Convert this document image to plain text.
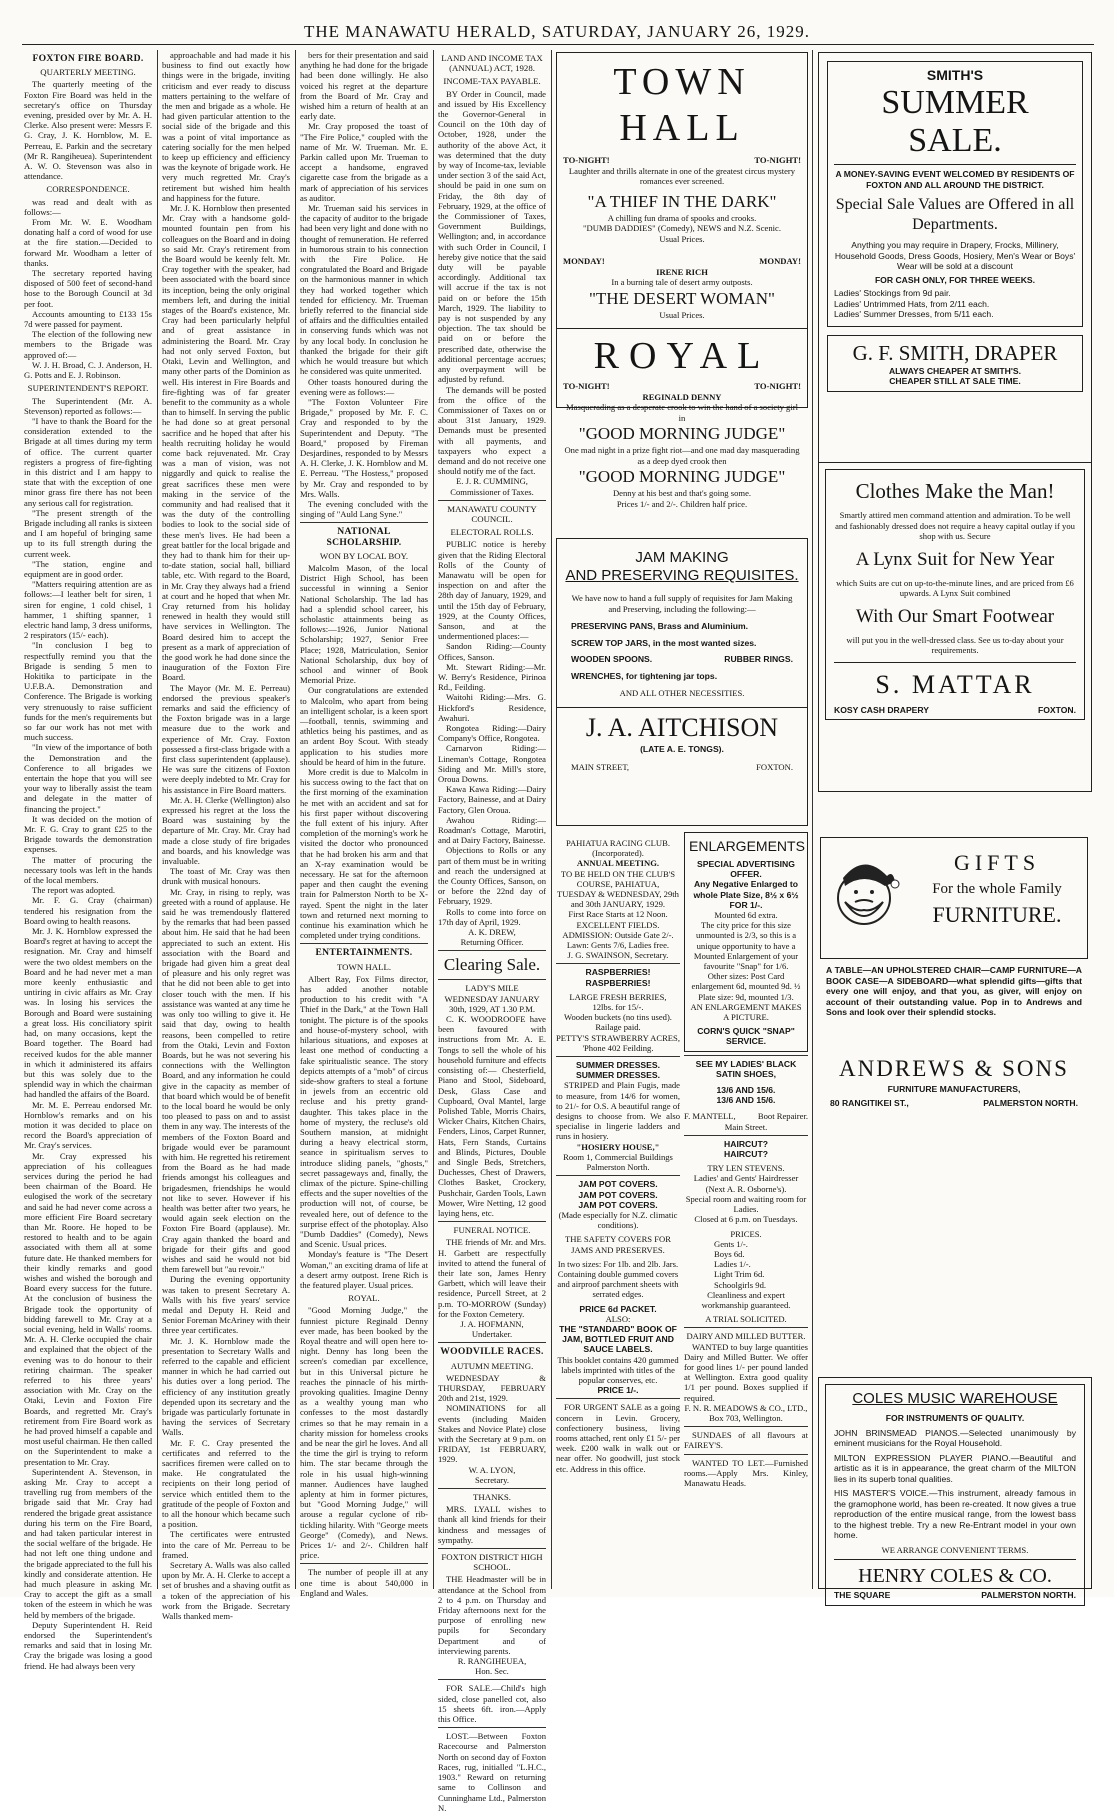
THE MANAWATU HERALD, SATURDAY, JANUARY 26, 1929.
FOXTON FIRE BOARD.
QUARTERLY MEETING.

The quarterly meeting of the Foxton Fire Board was held in the secretary's office on Thursday evening, presided over by Mr. A. H. Clerke. Also present were: Messrs F. G. Cray, J. K. Hornblow, M. E. Perreau, E. Parkin and the secretary (Mr R. Rangiheuea). Superintendent A. W. O. Stevenson was also in attendance.

CORRESPONDENCE.

was read and dealt with as follows:—

From Mr. W. E. Woodham donating half a cord of wood for use at the fire station.—Decided to forward Mr. Woodham a letter of thanks.

The secretary reported having disposed of 500 feet of second-hand hose to the Borough Council at 3d per foot.

Accounts amounting to £133 15s 7d were passed for payment.

The election of the following new members to the Brigade was approved of:—

W. J. H. Broad, C. J. Anderson, H. G. Potts and E. J. Robinson.

SUPERINTENDENT'S REPORT.

The Superintendent (Mr. A. Stevenson) reported as follows:—

"I have to thank the Board for the consideration extended to the Brigade at all times during my term of office. The current quarter registers a progress of fire-fighting in this district and I am happy to state that with the exception of one minor grass fire there has not been any serious call for registration.

"The present strength of the Brigade including all ranks is sixteen and I am hopeful of bringing same up to its full strength during the current week.

"The station, engine and equipment are in good order.

"Matters requiring attention are as follows:—I leather belt for siren, 1 siren for engine, 1 cold chisel, 1 hammer, 1 shifting spanner, 1 electric hand lamp, 3 dress uniforms, 2 respirators (15/- each).

"In conclusion I beg to respectfully remind you that the Brigade is sending 5 men to Hokitika to participate in the U.F.B.A. Demonstration and Conference. The Brigade is working very strenuously to raise sufficient funds for the men's requirements but so far our work has not met with much success.

"In view of the importance of both the Demonstration and the Conference to all brigades we entertain the hope that you will see your way to liberally assist the team and delegate in the matter of financing the project."

It was decided on the motion of Mr. F. G. Cray to grant £25 to the Brigade towards the demonstration expenses.

The matter of procuring the necessary tools was left in the hands of the local members.

The report was adopted.

Mr. F. G. Cray (chairman) tendered his resignation from the Board owing to health reasons.

Mr. J. K. Hornblow expressed the Board's regret at having to accept the resignation. Mr. Cray and himself were the two oldest members on the Board and he had never met a man more keenly enthusiastic and untiring in civic affairs as Mr. Cray was. In losing his services the Borough and Board were sustaining a great loss. His conciliatory spirit had, on many occasions, kept the Board together. The Board had received kudos for the able manner in which it administered its affairs but this was solely due to the splendid way in which the chairman had handled the affairs of the Board.

Mr. M. E. Perreau endorsed Mr. Hornblow's remarks and on his motion it was decided to place on record the Board's appreciation of Mr. Cray's services.

Mr. Cray expressed his appreciation of his colleagues services during the period he had been chairman of the Board. He eulogised the work of the secretary and said he had never come across a more efficient Fire Board secretary than Mr. Roore. He hoped to be restored to health and to be again associated with them all at some future date. He thanked members for their kindly remarks and good wishes and wished the borough and Board every success for the future. At the conclusion of business the Brigade took the opportunity of bidding farewell to Mr. Cray at a social evening, held in Walls' rooms. Mr. A. H. Clerke occupied the chair and explained that the object of the evening was to do honour to their retiring chairman. The speaker referred to his three years' association with Mr. Cray on the Otaki, Levin and Foxton Fire Boards, and regretted Mr. Cray's retirement from Fire Board work as he had proved himself a capable and most useful chairman. He then called on the Superintendent to make a presentation to Mr. Cray.

Superintendent A. Stevenson, in asking Mr. Cray to accept a travelling rug from members of the brigade said that Mr. Cray had rendered the brigade great assistance during his term on the Fire Board, and had taken particular interest in the social welfare of the brigade. He had not left one thing undone and the brigade appreciated to the full his kindly and considerate attention. He had much pleasure in asking Mr. Cray to accept the gift as a small token of the esteem in which he was held by members of the brigade.

Deputy Superintendent H. Reid endorsed the Superintendent's remarks and said that in losing Mr. Cray the brigade was losing a good friend. He had always been very

approachable and had made it his business to find out exactly how things were in the brigade, inviting criticism and ever ready to discuss matters pertaining to the welfare of the men and brigade as a whole. He had given particular attention to the social side of the brigade and this was a point of vital importance as catering socially for the men helped to keep up efficiency and efficiency was the keynote of brigade work. He very much regretted Mr. Cray's retirement but wished him health and happiness for the future.

Mr. J. K. Hornblow then presented Mr. Cray with a handsome gold-mounted fountain pen from his colleagues on the Board and in doing so said Mr. Cray's retirement from the Board would be keenly felt. Mr. Cray together with the speaker, had been associated with the board since its inception, being the only original members left, and during the initial stages of the Board's existence, Mr. Cray had been particularly helpful and of great assistance in administering the Board. Mr. Cray had not only served Foxton, but Otaki, Levin and Wellington, and many other parts of the Dominion as well. His interest in Fire Boards and fire-fighting was of far greater benefit to the community as a whole than to himself. In serving the public he had done so at great personal sacrifice and he hoped that after his health recruiting holiday he would come back rejuvenated. Mr. Cray was a man of vision, was not niggardly and quick to realise the great sacrifices these men were making in the service of the community and had realised that it was the duty of the controlling bodies to look to the social side of these men's lives. He had been a great battler for the local brigade and they had to thank him for their up-to-date station, social hall, billiard table, etc. With regard to the Board, in Mr. Cray they always had a friend at court and he hoped that when Mr. Cray returned from his holiday renewed in health they would still have services in Wellington. The Board desired him to accept the present as a mark of appreciation of the good work he had done since the inauguration of the Foxton Fire Board.

The Mayor (Mr. M. E. Perreau) endorsed the previous speaker's remarks and said the efficiency of the Foxton brigade was in a large measure due to the work and experience of Mr. Cray. Foxton possessed a first-class brigade with a first class superintendent (applause). He was sure the citizens of Foxton were deeply indebted to Mr. Cray for his assistance in Fire Board matters.

Mr. A. H. Clerke (Wellington) also expressed his regret at the loss the Board was sustaining by the departure of Mr. Cray. Mr. Cray had made a close study of fire brigades and boards, and his knowledge was invaluable.

The toast of Mr. Cray was then drunk with musical honours.

Mr. Cray, in rising to reply, was greeted with a round of applause. He said he was tremendously flattered by the remarks that had been passed about him. He said that he had been appreciated to such an extent. His association with the Board and brigade had given him a great deal of pleasure and his only regret was that he did not been able to get into closer touch with the men. If his assistance was wanted at any time he was only too willing to give it. He said that day, owing to health reasons, been compelled to retire from the Otaki, Levin and Foxton Boards, but he was not severing his connections with the Wellington Board, and any information he could give in the capacity as member of that board which would be of benefit to the local board he would be only too pleased to pass on and to assist them in any way. The interests of the members of the Foxton Board and brigade would ever be paramount with him. He regretted his retirement from the Board as he had made friends amongst his colleagues and brigadesmen, friendships he would not like to sever. However if his health was better after two years, he would again seek election on the Foxton Fire Board (applause). Mr. Cray again thanked the board and brigade for their gifts and good wishes and said he would not bid them farewell but "au revoir."

During the evening opportunity was taken to present Secretary A. Walls with his five years' service medal and Deputy H. Reid and Senior Foreman McAriney with their three year certificates.

Mr. J. K. Hornblow made the presentation to Secretary Walls and referred to the capable and efficient manner in which he had carried out his duties over a long period. The efficiency of any institution greatly depended upon its secretary and the brigade was particularly fortunate in having the services of Secretary Walls.

Mr. F. C. Cray presented the certificates and referred to the sacrifices firemen were called on to make. He congratulated the recipients on their long period of service which entitled them to the gratitude of the people of Foxton and to all the honour which became such a position.

The certificates were entrusted into the care of Mr. Perreau to be framed.

Secretary A. Walls was also called upon by Mr. A. H. Clerke to accept a set of brushes and a shaving outfit as a token of the appreciation of his work from the Brigade. Secretary Walls thanked mem-

bers for their presentation and said anything he had done for the brigade had been done willingly. He also voiced his regret at the departure from the Board of Mr. Cray and wished him a return of health at an early date.

Mr. Cray proposed the toast of "The Fire Police," coupled with the name of Mr. W. Trueman. Mr. E. Parkin called upon Mr. Trueman to accept a handsome, engraved cigarette case from the brigade as a mark of appreciation of his services as auditor.

Mr. Trueman said his services in the capacity of auditor to the brigade had been very light and done with no thought of remuneration. He referred in humorous strain to his connection with the Fire Police. He congratulated the Board and Brigade on the harmonious manner in which they had worked together which tended for efficiency. Mr. Trueman briefly referred to the financial side of affairs and the difficulties entailed in conserving funds which was not by any local body. In conclusion he thanked the brigade for their gift which he would treasure but which he considered was quite unmerited.

Other toasts honoured during the evening were as follows:—

"The Foxton Volunteer Fire Brigade," proposed by Mr. F. C. Cray and responded to by the Superintendent and Deputy. "The Board," proposed by Fireman Desjardines, responded to by Messrs A. H. Clerke, J. K. Hornblow and M. E. Perreau. "The Hostess," proposed by Mr. Cray and responded to by Mrs. Walls.

The evening concluded with the singing of "Auld Lang Syne."

NATIONAL SCHOLARSHIP.
WON BY LOCAL BOY.

Malcolm Mason, of the local District High School, has been successful in winning a Senior National Scholarship. The lad has had a splendid school career, his scholastic attainments being as follows:—1926, Junior National Scholarship; 1927, Senior Free Place; 1928, Matriculation, Senior National Scholarship, dux boy of school and winner of Book Memorial Prize.

Our congratulations are extended to Malcolm, who apart from being an intelligent scholar, is a keen sport—football, tennis, swimming and athletics being his pastimes, and as an ardent Boy Scout. With steady application to his studies more should be heard of him in the future.

More credit is due to Malcolm in his success owing to the fact that on the first morning of the examination he met with an accident and sat for his first paper without discovering the full extent of his injury. After completion of the morning's work he visited the doctor who pronounced that he had broken his arm and that an X-ray examination would be necessary. He sat for the afternoon paper and then caught the evening train for Palmerston North to be X-rayed. Spent the night in the later town and returned next morning to continue his examination which he completed under trying conditions.

ENTERTAINMENTS.
TOWN HALL.

Albert Ray, Fox Films director, has added another notable production to his credit with "A Thief in the Dark," at the Town Hall tonight. The picture is of the spooks and house-of-mystery school, with hilarious situations, and exposes at least one method of conducting a fake spiritualistic seance. The story depicts attempts of a "mob" of circus side-show grafters to steal a fortune in jewels from an eccentric old recluse and his pretty grand-daughter. This takes place in the home of mystery, the recluse's old Southern mansion, at midnight during a heavy electrical storm, seance in spiritualism serves to introduce sliding panels, "ghosts," secret passageways and, finally, the climax of the picture. Spine-chilling effects and the super novelties of the production will not, of course, be revealed here, out of defence to the surprise effect of the photoplay. Also "Dumb Daddies" (Comedy), News and Scenic. Usual prices.

Monday's feature is "The Desert Woman," an exciting drama of life at a desert army outpost. Irene Rich is the featured player. Usual prices.

ROYAL.

"Good Morning Judge," the funniest picture Reginald Denny ever made, has been booked by the Royal theatre and will open here to-night. Denny has long been the screen's comedian par excellence, but in this Universal picture he reaches the pinnacle of his mirth-provoking qualities. Imagine Denny as a wealthy young man who confesses to the most dastardly crimes so that he may remain in a charity mission for homeless crooks and be near the girl he loves. And all the time the girl is trying to reform him. The star became through the role in his usual high-winning manner. Audiences have laughed aplenty at him in former pictures, but "Good Morning Judge," will arouse a regular cyclone of rib-tickling hilarity. With "George meets George" (Comedy), and News. Prices 1/- and 2/-. Children half price.

The number of people ill at any one time is about 540,000 in England and Wales.

LAND AND INCOME TAX (ANNUAL) ACT, 1928.
INCOME-TAX PAYABLE.

BY Order in Council, made and issued by His Excellency the Governor-General in Council on the 10th day of October, 1928, under the authority of the above Act, it was determined that the duty by way of Income-tax, leviable under section 3 of the said Act, should be paid in one sum on Friday, the 8th day of February, 1929, at the office of the Commissioner of Taxes, Government Buildings, Wellington; and, in accordance with such Order in Council, I hereby give notice that the said duty will be payable accordingly. Additional tax will accrue if the tax is not paid on or before the 15th March, 1929. The liability to pay is not suspended by any objection. The tax should be paid on or before the prescribed date, otherwise the additional percentage accrues; any overpayment will be adjusted by refund.

The demands will be posted from the office of the Commissioner of Taxes on or about 31st January, 1929. Demands must be presented with all payments, and taxpayers who expect a demand and do not receive one should notify me of the fact.

E. J. R. CUMMING,
Commissioner of Taxes.
MANAWATU COUNTY COUNCIL.
ELECTORAL ROLLS.

PUBLIC notice is hereby given that the Riding Electoral Rolls of the County of Manawatu will be open for inspection on and after the 28th day of January, 1929, and until the 15th day of February, 1929, at the County Offices, Sanson, and at the undermentioned places:—

Sandon Riding:—County Offices, Sanson.

Mt. Stewart Riding:—Mr. W. Berry's Residence, Pirinoa Rd., Feilding.

Waitohi Riding:—Mrs. G. Hickford's Residence, Awahuri.

Rongotea Riding:—Dairy Company's Office, Rongotea.

Carnarvon Riding:—Lineman's Cottage, Rongotea Siding and Mr. Mill's store, Oroua Downs.

Kawa Kawa Riding:—Dairy Factory, Bainesse, and at Dairy Factory, Glen Oroua.

Awahou Riding:—Roadman's Cottage, Marotiri, and at Dairy Factory, Bainesse.

Objections to Rolls or any part of them must be in writing and reach the undersigned at the County Offices, Sanson, on or before the 22nd day of February, 1929.

Rolls to come into force on 17th day of April, 1929.

A. K. DREW,
Returning Officer.
Clearing Sale.
LADY'S MILE WEDNESDAY JANUARY 30th, 1929, AT 1.30 P.M.

C. K. WOODROOFE have been favoured with instructions from Mr. A. E. Tongs to sell the whole of his household furniture and effects consisting of:— Chesterfield, Piano and Stool, Sideboard, Desk, Glass Case and Cupboard, Oval Mantel, large Polished Table, Morris Chairs, Wicker Chairs, Kitchen Chairs, Fenders, Linos, Carpet Runner, Hats, Fern Stands, Curtains and Blinds, Pictures, Double and Single Beds, Stretchers, Duchesses, Chest of Drawers, Clothes Basket, Crockery, Pushchair, Garden Tools, Lawn Mower, Wire Netting, 12 good laying hens, etc.

FUNERAL NOTICE.

THE friends of Mr. and Mrs. H. Garbett are respectfully invited to attend the funeral of their late son, James Henry Garbett, which will leave their residence, Purcell Street, at 2 p.m. TO-MORROW (Sunday) for the Foxton Cemetery.

J. A. HOFMANN,
Undertaker.
WOODVILLE RACES.
AUTUMN MEETING.

WEDNESDAY & THURSDAY, FEBRUARY 20th and 21st, 1929.

NOMINATIONS for all events (including Maiden Stakes and Novice Plate) close with the Secretary at 9 p.m. on FRIDAY, 1st FEBRUARY, 1929.

W. A. LYON,
Secretary.
THANKS.

MRS. LYALL wishes to thank all kind friends for their kindness and messages of sympathy.

FOXTON DISTRICT HIGH SCHOOL.

THE Headmaster will be in attendance at the School from 2 to 4 p.m. on Thursday and Friday afternoons next for the purpose of enrolling new pupils for Secondary Department and of interviewing parents.

R. RANGIHEUEA,
Hon. Sec.

FOR SALE.—Child's high sided, close panelled cot, also 15 sheets 6ft. iron.—Apply this Office.

LOST.—Between Foxton Racecourse and Palmerston North on second day of Foxton Races, rug, initialled "L.H.C., 1903." Reward on returning same to Collinson and Cunninghame Ltd., Palmerston N.

TOWN HALL
TO-NIGHT!	TO-NIGHT!
Laughter and thrills alternate in one of the greatest circus mystery romances ever screened.
"A THIEF IN THE DARK"
A chilling fun drama of spooks and crooks.
"DUMB DADDIES" (Comedy), NEWS and N.Z. Scenic.
Usual Prices.
MONDAY!	MONDAY!
IRENE RICH
In a burning tale of desert army outposts.
"THE DESERT WOMAN"
Usual Prices.
ROYAL
TO-NIGHT!	TO-NIGHT!
REGINALD DENNY
Masquerading as a desperate crook to win the hand of a society girl in
"GOOD MORNING JUDGE"
One mad night in a prize fight riot—and one mad day masquerading as a deep dyed crook then
"GOOD MORNING JUDGE"
Denny at his best and that's going some.
Prices 1/- and 2/-. Children half price.
SMITH'S
SUMMER SALE.
A MONEY-SAVING EVENT WELCOMED BY RESIDENTS OF FOXTON AND ALL AROUND THE DISTRICT.
Special Sale Values are Offered in all Departments.
Anything you may require in Drapery, Frocks, Millinery, Household Goods, Dress Goods, Hosiery, Men's Wear or Boys' Wear will be sold at a discount
FOR CASH ONLY, FOR THREE WEEKS.
Ladies' Stockings from 9d pair.
Ladies' Untrimmed Hats, from 2/11 each.
Ladies' Summer Dresses, from 5/11 each.
G. F. SMITH, DRAPER
ALWAYS CHEAPER AT SMITH'S.
CHEAPER STILL AT SALE TIME.
JAM MAKING
AND PRESERVING REQUISITES.
We have now to hand a full supply of requisites for Jam Making and Preserving, including the following:—
PRESERVING PANS, Brass and Aluminium.
SCREW TOP JARS, in the most wanted sizes.
WOODEN SPOONS.	RUBBER RINGS.
WRENCHES, for tightening jar tops.
AND ALL OTHER NECESSITIES.
J. A. AITCHISON
(LATE A. E. TONGS).
MAIN STREET,	FOXTON.
Clothes Make the Man!
Smartly attired men command attention and admiration. To be well and fashionably dressed does not require a heavy capital outlay if you shop with us. Secure
A Lynx Suit for New Year
which Suits are cut on up-to-the-minute lines, and are priced from £6 upwards. A Lynx Suit combined
With Our Smart Footwear
will put you in the well-dressed class. See us to-day about your requirements.
S. MATTAR
KOSY CASH DRAPERY	FOXTON.
GIFTS
For the whole Family
FURNITURE.
A TABLE—AN UPHOLSTERED CHAIR—CAMP FURNITURE—A BOOK CASE—A SIDEBOARD—what splendid gifts—gifts that every one will enjoy, and that you, as giver, will enjoy on account of their outstanding value. Pop in to Andrews and Sons and look over their splendid stocks.
ANDREWS & SONS
FURNITURE MANUFACTURERS,
80 RANGITIKEI ST.,	PALMERSTON NORTH.
COLES MUSIC WAREHOUSE
FOR INSTRUMENTS OF QUALITY.
JOHN BRINSMEAD PIANOS.—Selected unanimously by eminent musicians for the Royal Household.
MILTON EXPRESSION PLAYER PIANO.—Beautiful and artistic as it is in appearance, the great charm of the MILTON lies in its superb tonal qualities.
HIS MASTER'S VOICE.—This instrument, already famous in the gramophone world, has been re-created. It now gives a true reproduction of the entire musical range, from the lowest bass to the highest treble. Try a new Re-Entrant model in your own home.
WE ARRANGE CONVENIENT TERMS.
HENRY COLES & CO.
THE SQUARE	PALMERSTON NORTH.
PAHIATUA RACING CLUB. (Incorporated).
ANNUAL MEETING.
TO BE HELD ON THE CLUB'S COURSE, PAHIATUA,
TUESDAY & WEDNESDAY, 29th and 30th JANUARY, 1929.
First Race Starts at 12 Noon. EXCELLENT FIELDS. ADMISSION: Outside Gate 2/-. Lawn: Gents 7/6, Ladies free.
J. G. SWAINSON, Secretary.
RASPBERRIES! RASPBERRIES!
LARGE FRESH BERRIES,
12lbs. for 15/-.
Wooden buckets (no tins used). Railage paid.
PETTY'S STRAWBERRY ACRES, 'Phone 402 Feilding.
SUMMER DRESSES.
SUMMER DRESSES.

STRIPED and Plain Fugis, made to measure, from 14/6 for women, to 21/- for O.S. A beautiful range of designs to choose from. We also specialise in lingerie ladders and runs in hosiery.

"HOSIERY HOUSE,"
Room 1, Commercial Buildings Palmerston North.
JAM POT COVERS.
JAM POT COVERS.
JAM POT COVERS.
(Made especially for N.Z. climatic conditions).
THE SAFETY COVERS FOR JAMS AND PRESERVES.
In two sizes: For 1lb. and 2lb. Jars.
Containing double gummed covers and airproof parchment sheets with serrated edges.
PRICE 6d PACKET.
ALSO:
THE "STANDARD" BOOK OF JAM, BOTTLED FRUIT AND SAUCE LABELS.
This booklet contains 420 gummed labels imprinted with titles of the popular conserves, etc.
PRICE 1/-.

FOR URGENT SALE as a going concern in Levin. Grocery, confectionery business, living rooms attached, rent only £1 5/- per week. £200 walk in walk out or near offer. No goodwill, just stock etc. Address in this office.

ENLARGEMENTS
SPECIAL ADVERTISING OFFER.
Any Negative Enlarged to whole Plate Size, 8½ x 6½ FOR 1/-.
Mounted 6d extra.
The city price for this size unmounted is 2/3, so this is a unique opportunity to have a Mounted Enlargement of your favourite "Snap" for 1/6.
Other sizes: Post Card enlargement 6d, mounted 9d. ½ Plate size: 9d, mounted 1/3.
AN ENLARGEMENT MAKES A PICTURE.
CORN'S QUICK "SNAP" SERVICE.
SEE MY LADIES' BLACK SATIN SHOES,
13/6 AND 15/6.
13/6 AND 15/6.
F. MANTELL,	Boot Repairer.
Main Street.
HAIRCUT?
HAIRCUT?
TRY LEN STEVENS.
Ladies' and Gents' Hairdresser (Next A. R. Osborne's).
Special room and waiting room for Ladies.
Closed at 6 p.m. on Tuesdays.
PRICES.
Gents 1/-.
Boys 6d.
Ladies 1/-.
Light Trim 6d.
Schoolgirls 9d.
Cleanliness and expert workmanship guaranteed.
A TRIAL SOLICITED.
DAIRY AND MILLED BUTTER.

WANTED to buy large quantities Dairy and Milled Butter. We offer for good lines 1/- per pound landed at Wellington. Extra good quality 1/1 per pound. Boxes supplied if required.

F. N. R. MEADOWS & CO., LTD., Box 703, Wellington.

SUNDAES of all flavours at FAIREY'S.

WANTED TO LET.—Furnished rooms.—Apply Mrs. Kinley, Manawatu Heads.
